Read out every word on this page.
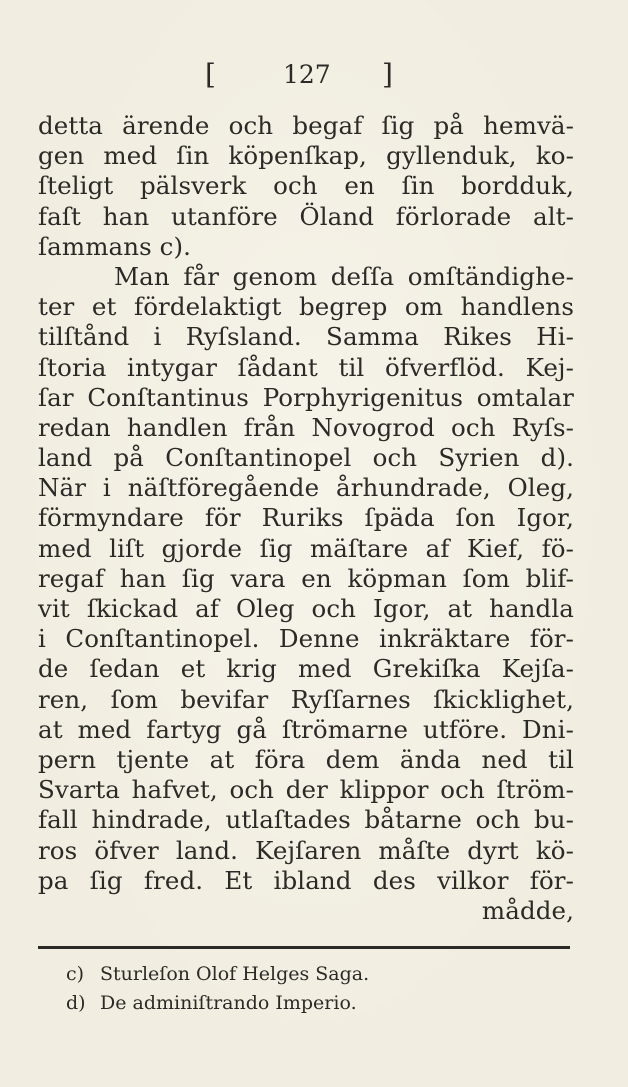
[	127 ]
detta ärende och begaf ſig på hemvä-
gen med ſin köpenſkap, gyllenduk, ko-
ſteligt pälsverk och en ſin bordduk,
faſt han utanföre Öland förlorade alt-
ſammans c).
Man får genom deſſa omſtändighe-
ter et fördelaktigt begrep om handlens
tilſtånd i Ryſsland. Samma Rikes Hi-
ſtoria intygar ſådant til öfverflöd. Kej-
ſar Conſtantinus Porphyrigenitus omtalar
redan handlen från Novogrod och Ryſs-
land på Conſtantinopel och Syrien d).
När i näſtföregående århundrade, Oleg,
förmyndare för Ruriks ſpäda ſon Igor,
med liſt gjorde ſig mäſtare af Kief, fö-
regaf han ſig vara en köpman ſom blif-
vit ſkickad af Oleg och Igor, at handla
i Conſtantinopel. Denne inkräktare för-
de ſedan et krig med Grekiſka Kejſa-
ren, ſom bevifar Ryſſarnes ſkicklighet,
at med fartyg gå ſtrömarne utföre. Dni-
pern tjente at föra dem ända ned til
Svarta hafvet, och der klippor och ſtröm-
fall hindrade, utlaſtades båtarne och bu-
ros öfver land. Kejſaren måſte dyrt kö-
pa ſig fred. Et ibland des vilkor för-
mådde,
c) Sturleſon Olof Helges Saga.
d) De adminiſtrando Imperio.
